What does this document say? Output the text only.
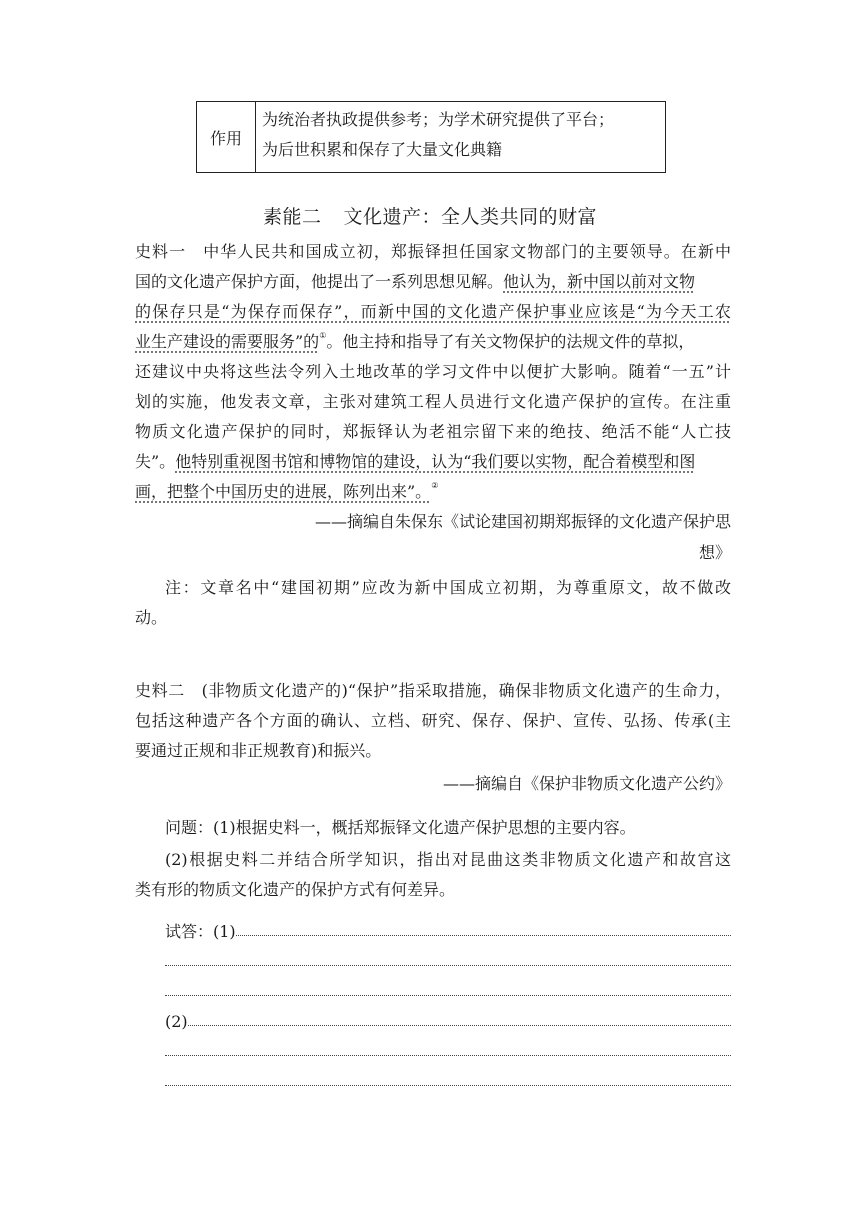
作用
为统治者执政提供参考；为学术研究提供了平台；
为后世积累和保存了大量文化典籍
素能二 文化遗产：全人类共同的财富
史料一　中华人民共和国成立初，郑振铎担任国家文物部门的主要领导。在新中
国的文化遗产保护方面，他提出了一系列思想见解。他认为，新中国以前对文物
的保存只是“为保存而保存”，而新中国的文化遗产保护事业应该是“为今天工农
业生产建设的需要服务”的①。他主持和指导了有关文物保护的法规文件的草拟，
还建议中央将这些法令列入土地改革的学习文件中以便扩大影响。随着“一五”计
划的实施，他发表文章，主张对建筑工程人员进行文化遗产保护的宣传。在注重
物质文化遗产保护的同时，郑振铎认为老祖宗留下来的绝技、绝活不能“人亡技
失”。他特别重视图书馆和博物馆的建设，认为“我们要以实物，配合着模型和图
画，把整个中国历史的进展，陈列出来”。②
——摘编自朱保东《试论建国初期郑振铎的文化遗产保护思
想》
注：文章名中“建国初期”应改为新中国成立初期，为尊重原文，故不做改
动。
史料二　(非物质文化遗产的)“保护”指采取措施，确保非物质文化遗产的生命力，
包括这种遗产各个方面的确认、立档、研究、保存、保护、宣传、弘扬、传承(主
要通过正规和非正规教育)和振兴。
——摘编自《保护非物质文化遗产公约》
问题：(1)根据史料一，概括郑振铎文化遗产保护思想的主要内容。
(2)根据史料二并结合所学知识，指出对昆曲这类非物质文化遗产和故宫这
类有形的物质文化遗产的保护方式有何差异。
试答：(1)
(2)
